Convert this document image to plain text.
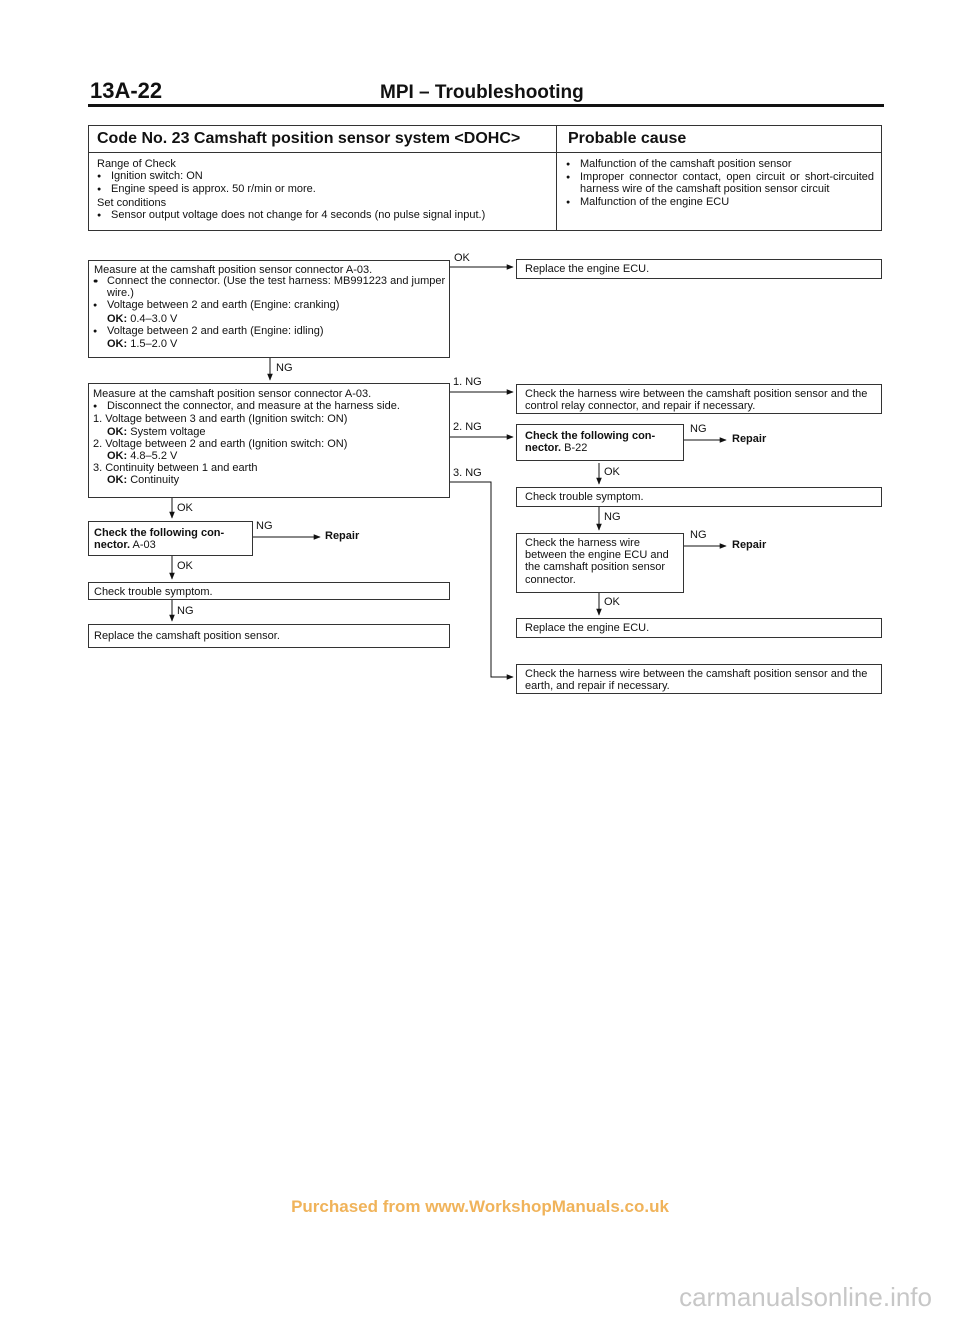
13A-22	MPI – Troubleshooting
Code No. 23 Camshaft position sensor system <DOHC>	Probable cause
Range of Check
● Ignition switch: ON
● Engine speed is approx. 50 r/min or more.
Set conditions
● Sensor output voltage does not change for 4 seconds (no pulse signal input.)
● Malfunction of the camshaft position sensor
●
Improper connector contact, open circuit or short-circuited harness wire of the camshaft position sensor circuit
● Malfunction of the engine ECU
Measure at the camshaft position sensor connector A-03.
●
●
Connect the connector. (Use the test harness: MB991223 and jumper wire.)
● Voltage between 2 and earth (Engine: cranking)
OK: 0.4–3.0 V
● Voltage between 2 and earth (Engine: idling)
OK: 1.5–2.0 V
OK
NG
Measure at the camshaft position sensor connector A-03.
● Disconnect the connector, and measure at the harness side.
1. Voltage between 3 and earth (Ignition switch: ON)
OK: System voltage
2. Voltage between 2 and earth (Ignition switch: ON)
OK: 4.8–5.2 V
3. Continuity between 1 and earth
OK: Continuity
1. NG
2. NG
3. NG
OK
Check the following con- nector. A-03
NG
Repair
OK
Check trouble symptom.
NG
Replace the camshaft position sensor.
Replace the engine ECU.
Check the harness wire between the camshaft position sensor and the control relay connector, and repair if necessary.
Check the following con- nector. B-22
NG
Repair
OK
Check trouble symptom.
NG
Check the harness wire between the engine ECU and the camshaft position sensor connector.
NG
Repair
OK
Replace the engine ECU.
Check the harness wire between the camshaft position sensor and the earth, and repair if necessary.
Purchased from www.WorkshopManuals.co.uk
carmanualsonline.info
